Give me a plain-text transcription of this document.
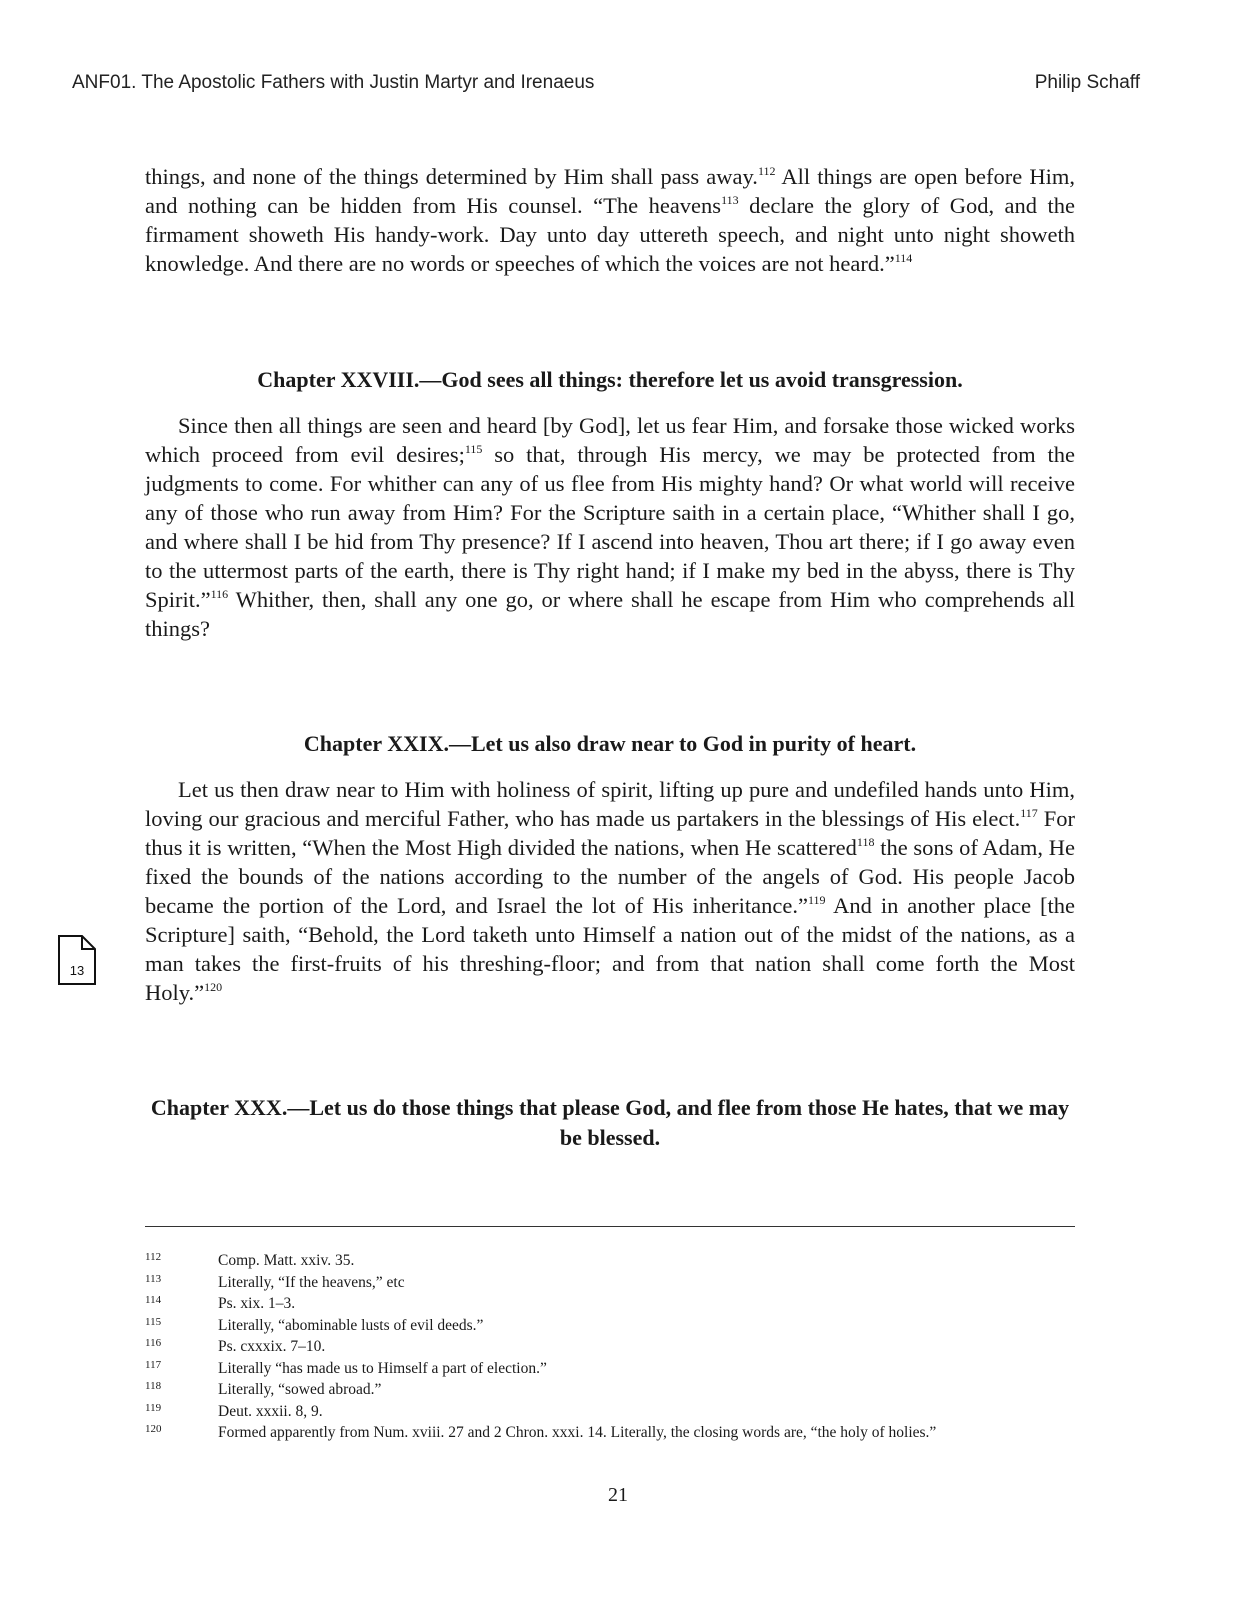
ANF01. The Apostolic Fathers with Justin Martyr and Irenaeus	Philip Schaff

things, and none of the things determined by Him shall pass away.$^{112}$ All things are open before Him, and nothing can be hidden from His counsel. “The heavens$^{113}$ declare the glory of God, and the firmament showeth His handy-work. Day unto day uttereth speech, and night unto night showeth knowledge. And there are no words or speeches of which the voices are not heard.”$^{114}$

Chapter XXVIII.—God sees all things: therefore let us avoid transgression.

Since then all things are seen and heard [by God], let us fear Him, and forsake those wicked works which proceed from evil desires;$^{115}$ so that, through His mercy, we may be protected from the judgments to come. For whither can any of us flee from His mighty hand? Or what world will receive any of those who run away from Him? For the Scripture saith in a certain place, “Whither shall I go, and where shall I be hid from Thy presence? If I ascend into heaven, Thou art there; if I go away even to the uttermost parts of the earth, there is Thy right hand; if I make my bed in the abyss, there is Thy Spirit.”$^{116}$ Whither, then, shall any one go, or where shall he escape from Him who comprehends all things?

Chapter XXIX.—Let us also draw near to God in purity of heart.

Let us then draw near to Him with holiness of spirit, lifting up pure and undefiled hands unto Him, loving our gracious and merciful Father, who has made us partakers in the blessings of His elect.$^{117}$ For thus it is written, “When the Most High divided the nations, when He scattered$^{118}$ the sons of Adam, He fixed the bounds of the nations according to the number of the angels of God. His people Jacob became the portion of the Lord, and Israel the lot of His inheritance.”$^{119}$ And in another place [the Scripture] saith, “Behold, the Lord taketh unto Himself a nation out of the midst of the nations, as a man takes the first-fruits of his threshing-floor; and from that nation shall come forth the Most Holy.”$^{120}$

13
Chapter XXX.—Let us do those things that please God, and flee from those He hates, that we may be blessed.
112	Comp. Matt. xxiv. 35.
113	Literally, “If the heavens,” etc
114	Ps. xix. 1–3.
115	Literally, “abominable lusts of evil deeds.”
116	Ps. cxxxix. 7–10.
117	Literally “has made us to Himself a part of election.”
118	Literally, “sowed abroad.”
119	Deut. xxxii. 8, 9.
120	Formed apparently from Num. xviii. 27 and 2 Chron. xxxi. 14. Literally, the closing words are, “the holy of holies.”
21
